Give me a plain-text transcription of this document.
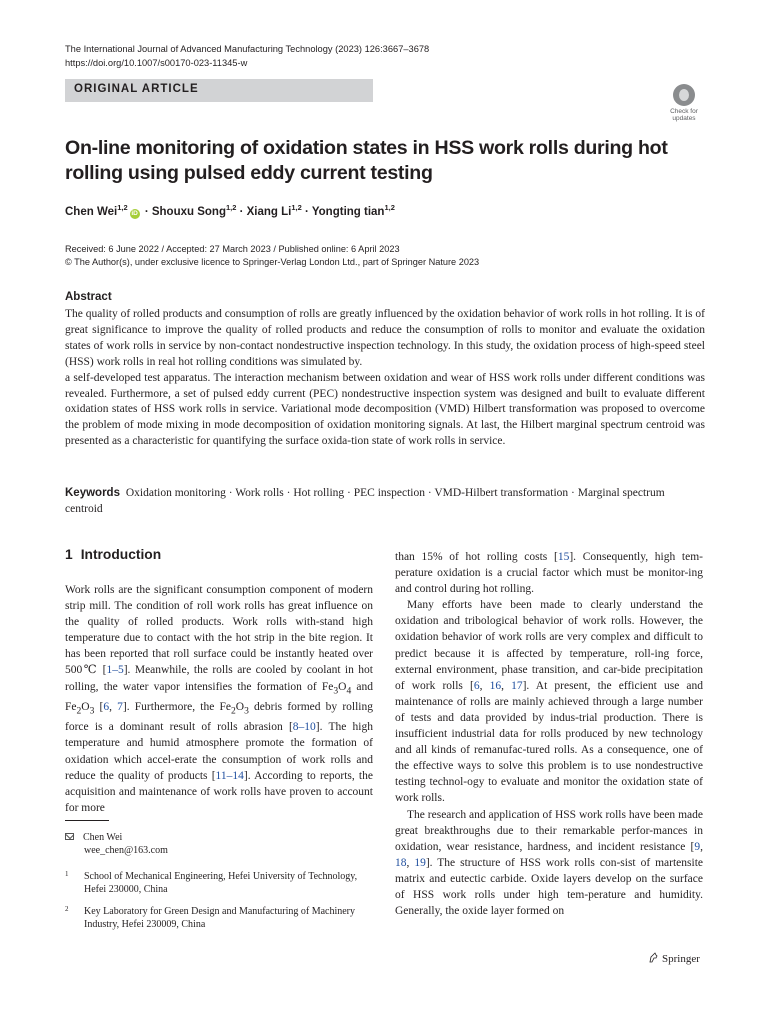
The International Journal of Advanced Manufacturing Technology (2023) 126:3667–3678
https://doi.org/10.1007/s00170-023-11345-w
ORIGINAL ARTICLE
Check for
updates
On-line monitoring of oxidation states in HSS work rolls during hot rolling using pulsed eddy current testing
Chen Wei$^{1,2}$iD · Shouxu Song$^{1,2}$ · Xiang Li$^{1,2}$ · Yongting tian$^{1,2}$
Received: 6 June 2022 / Accepted: 27 March 2023 / Published online: 6 April 2023
© The Author(s), under exclusive licence to Springer-Verlag London Ltd., part of Springer Nature 2023
Abstract

The quality of rolled products and consumption of rolls are greatly influenced by the oxidation behavior of work rolls in hot rolling. It is of great significance to improve the quality of rolled products and reduce the consumption of rolls to monitor and evaluate the oxidation states of work rolls in service by non-contact nondestructive inspection technology. In this study, the oxidation process of high-speed steel (HSS) work rolls in real hot rolling conditions was simulated by.

a self-developed test apparatus. The interaction mechanism between oxidation and wear of HSS work rolls under different conditions was revealed. Furthermore, a set of pulsed eddy current (PEC) nondestructive inspection system was designed and built to evaluate different oxidation states of HSS work rolls in service. Variational mode decomposition (VMD) Hilbert transformation was proposed to overcome the problem of mode mixing in mode decomposition of oxidation monitoring signals. At last, the Hilbert marginal spectrum centroid was presented as a characteristic for quantifying the surface oxida-tion state of work rolls in service.

Keywords Oxidation monitoring · Work rolls · Hot rolling · PEC inspection · VMD-Hilbert transformation · Marginal spectrum centroid
1 Introduction

Work rolls are the significant consumption component of modern strip mill. The condition of roll work rolls has great influence on the quality of rolled products. Work rolls with-stand high temperature due to contact with the hot strip in the bite region. It has been reported that roll surface could be instantly heated over 500℃ [1–5]. Meanwhile, the rolls are cooled by coolant in hot rolling, the water vapor intensifies the formation of $Fe_3O_4$ and $Fe_2O_3$ [6, 7]. Furthermore, the $Fe_2O_3$ debris formed by rolling force is a dominant result of rolls abrasion [8–10]. The high temperature and humid atmosphere promote the formation of oxidation which accel-erate the consumption of work rolls and reduce the quality of products [11–14]. According to reports, the acquisition and maintenance of work rolls have proven to account for more

than 15% of hot rolling costs [15]. Consequently, high tem-perature oxidation is a crucial factor which must be monitor-ing and control during hot rolling.

Many efforts have been made to clearly understand the oxidation and tribological behavior of work rolls. However, the oxidation behavior of work rolls are very complex and difficult to predict because it is affected by temperature, roll-ing force, external environment, phase transition, and car-bide precipitation of work rolls [6, 16, 17]. At present, the efficient use and maintenance of rolls are mainly achieved through a large number of tests and data provided by indus-trial production. There is insufficient industrial data for rolls produced by new technology and all kinds of remanufac-tured rolls. As a consequence, one of the effective ways to solve this problem is to use nondestructive testing technol-ogy to evaluate and monitor the oxidation state of work rolls.

The research and application of HSS work rolls have been made great breakthroughs due to their remarkable perfor-mances in oxidation, wear resistance, hardness, and incident resistance [9, 18, 19]. The structure of HSS work rolls con-sist of martensite matrix and eutectic carbide. Oxide layers develop on the surface of HSS work rolls under high tem-perature and humidity. Generally, the oxide layer formed on

Chen Wei
wee_chen@163.com
1 School of Mechanical Engineering, Hefei University of Technology, Hefei 230000, China
2 Key Laboratory for Green Design and Manufacturing of Machinery Industry, Hefei 230009, China
Springer
